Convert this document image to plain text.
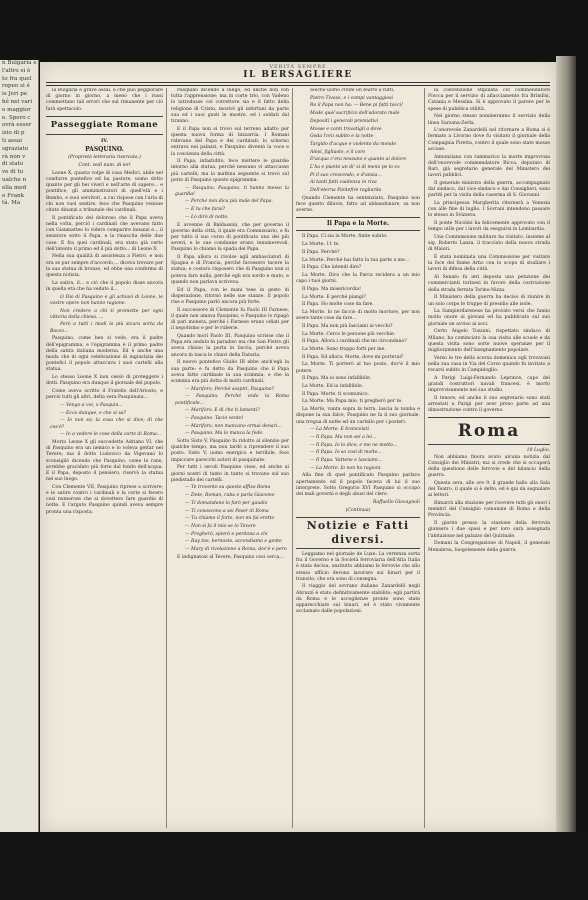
n Bulgaria e
l'altro si è
to fra quel
ropeo si é
is Jeri pe
hé nei vari
o maggior
e. Spero c
ovrà esser
izio di p
ti assai
sgraziato
rà non v
di stato
ve di tu
ualche n
ella med
o Frank
tà. Ma
VERITÀ SEMPRE
IL BERSAGLIERE

la Bulgaria è grave assai, e che può peggiorare di giorno in giorno, a meno che i russi commettano tali errori che sul rimanente per ciò farà spettacolo.

Passeggiate Romane
IV.
PASQUINO.
(Proprietà letteraria riservata.)
Cont. vedi num. di ieri

Leone X, quasta volpe di casa Medici, abile nel condurre pontefice ed ha pastore, uomo dotto quanto per gli bei viveri e nell'arte di sapere... e pontifice, gli amministratori di quell'età e i Bembo, e suoi servitori, a cui rispose con l'aria di chi non vuol sentire, fece che Pasquino venisse citato dinanzi a tribunale dei cardinali.

Il pontificato del doloroso che il Papa aveva nella volta, perciò i cardinali che avevano fatto con Gianmatteo lo videro comparire innanzi e... il senatore sotto il Papa, e la rinascita delle due cose. E fra quei cardinali, era stato già certo dell'intento il primo ed il più dotto... di Leone X.

Nella sua qualità di assistenza a Pietro, e non era se pur sempre d'accordo,... diceva trovare per la sua statua di bronzo, ed ebbe una conferma di questa notizia.

La satira, il... e ciò che il popolo disse ancora in quella età che ha veduto il...

O Dio di Pasquino e gli schiavi di Leone, le vostre opere non hanno ragione.

Non credere a chi ti promette per ogni vittoria della chiesa, ...

Però a tutti i modi la più sicura sorta da Bacco...

Pasquino, come ben si vede, era il padre dell'epigramma, e l'epigramma è il primo padre della satira italiana moderna. Ed è anche una moda che di ogni celebrazione di ingiustizia dei pontefici il popolo attaccava i suoi cartelli alla statua.

Lo stesso Leone X non cessò di proteggere i dotti. Pasquino era dunque il giornale del popolo.

Come aveva scritto il Fratello dell'Ariosto, e perciò tutti gli altri, della vera Pasquinata...

— Vengo a voi, o Pasquin...

— Ecco dunque, e che si sa?

— Io non so; la cosa che si dice; di che cos'è?

— Io a vedere le cose della corte di Roma...

Morto Leone X gli succedette Adriano VI, che di Pasquino era un nemico e lo voleva gettar nel Tevere; ma il dotto Ludovico da Vigevano lo sconsigliò dicendo che Pasquino, come le rane, avrebbe gracidato più forte dal fondo dell'acqua. E il Papa, deposto il pensiero, riservò la statua nel suo luogo.

Con Clemente VII, Pasquino riprese a scrivere; e le satire contro i cardinali e la corte si fecero così numerose che si dovettero fare guardie di notte. E l'arguto Pasquino quindi aveva sempre pronta una risposta.

Pasquino dicendo a lungo, ed anche non con tutta l'apprensione; ma in corte trio, con Vadeno lo introdusse col correttore sia e il fatto della religione di Cristo, mostrò gli infortuni da parte sua ed i suoi gusti le mostre, ed i soldati dal tiranno.

E il Papa non si trovò sul terreno adatto per questa nuova forma di bizzarria. I Romani ridevano del Papa e dei cardinali; lo scherno entrava nei palazzi, e Pasquino diventò la voce e la coscienza della città.

Il Papa, infastidito, fece mettere le guardie intorno alla statua, perché nessuno vi attaccasse più cartelli; ma la mattina seguente si trovò sul petto di Pasquino questo epigramma:

— Pasquino, Pasquino, ti hanno messo la guardia!

— Perché non dica più male del Papa.

— E tu che farai?

— Lo dirò di notte.

E avvenne di Baldassini, che per governo il governo della città, il quale era Commissario, e fu per tutto il suo corso di pontificato uno dei più severi, e le sue condanne erano innumerevoli. Pasquino lo chiamò la spada del Papa.

Il Papa allora si rivolse agli ambasciatori di Spagna e di Francia, perché facessero tacere la statua; e costoro risposero che di Pasquino non si poteva fare nulla, perché egli era sordo e muto, e quando non parlava scriveva.

Ed il Papa, con le mani tese in gesto di disperazione, ritornò nelle sue stanze. Il popolo rise e Pasquino parlò ancora più forte.

Il successore di Clemente fu Paolo III Farnese, il quale non amava Pasquino, e Pasquino lo ripagò di pari moneta, perché i Farnese erano odiati per il nepotismo e per le ruberie.

Quando morì Paolo III, Pasquino scrisse che il Papa era andato in paradiso ma che San Pietro gli aveva chiuso la porta in faccia, perché aveva ancora in tasca le chiavi della Dataria.

Il nuovo pontefice Giulio III ebbe anch'egli la sua parte: e fu detto da Pasquino che il Papa aveva fatto cardinale la sua scimmia, e che la scimmia era più dotta di molti cardinali.

— Mariforo, Perché sospiri, Pasquino?

— Pasquino. Perché vedo la Roma pontificale...

— Mariforo. E di che ti lamenti?

— Pasquino. Tacio vento!

— Mariforo, non mancano ormai denari...

— Pasquino. Ma lo manca la fede.

Sotto Sisto V, Pasquino fu ridotto al silenzio per qualche tempo, ma non tardò a riprendere il suo posto. Sisto V, uomo energico e terribile, fece impiccare parecchi autori di pasquinate.

Per tutti i secoli Pasquino visse, ed anche ai giorni nostri di tanto in tanto si trovano sul suo piedistallo dei cartelli.

— Te trovento su questo affiso Roma

— Dote, Roman, ruba e parla Giacomo

— Ti domandano lo farò per gaudio

— Ti conoscono a sei Peser di Roma

— Tu chiamo il forte, non mi fai eretto

— Non si fa il mio se lo Tevere

— Pregherò, spierò e perdona a chi

— Ray toe, bernoste, accendiamo e gente

— Mary di rivolazione a Roma, dov'è e pero

E indignatosi al Tevere, Pasquino cosi cerca...

Sieche uomo crede un teatro a tutti,

Pietro Tivoso, e i compi vantaggiosi

Ro il Papa non ha: — Bene pi fatti tocci!

Mode quel sacrificio dell'adorato male

Depositi i generali premiativi

Mosse e canti trovatigli a dove

Goda l'ora subito e la notte

Targido d'acque e violento da mondo

Ainsi, figliuolo, e il coro

D'acqua c'era nessuno e quanto ai dolore

L'ha e piante un di' si di meno pe lo ex

Pi il suo crescendo, e d'ansia...

Ai tanti fatti cuidenza in riva

Dell'eterna Pantefire ragliarda

Quando Clemente ha sentenziato, Pasquino non fece questo diluvio, fatto ad abbandonare, sa non averne.

Il Papa e la Morte.

Il Papa. Ci sia la Morte, finite subito.

La Morte. 11 te.

Il Papa. Perché?

La Morte. Perché hai fatto la tua parte a me...

Il Papa. Che intendi dire?

La Morte. Dico che la Parca recidera a un mio capo i tuoi giorni.

Il Papa. Ma misericordia!

La Morte. E perché piangi?

Il Papa. Ho molte cose da fare.

La Morte. Io ne faccio di molto mortore, per non avere tante cose da fare...

Il Papa. Ma non più lasciami ai vecchi?

La Morte. Cerco le persone più vecchie.

Il Papa. Allora i cardinali che mi circondano?

La Morte. Sono troppo forti per me.

Il Papa. Ed allora, Morte, dove mi porterai?

La Morte. Ti porterò al tuo posto, dov'è il mio potere.

Il Papa. Ma io sono infallibile.

La Morte. Ed io infallibile.

Il Papa. Morte, ti scomunico.

La Morte. Ma Papa mio, ti pregherò per te.

La Morte, vanta sopra la terra, lascia la tomba e dispone la sua falce, Pasquino ne fa il suo giornale, una tregua di notte ed un cartello per i posteri.

— La Morte. E brancolati

— Il Papa. Ma non sei a lei...

— Il Papa. Io lo dico, e me ne metto...

— Il Papa. Io so così di molte...

— Il Papa. Vattene e lasciami...

— La Morte. Io non ho ragioni.

Alla fine di quel pontificato Pasquino parlava apertamente ed il popolo faceva di lui il suo interprete. Sotto Gregorio XVI Pasquino si occupò dei mali governi e degli abusi del clero.

Raffaello Giovagnoli
(Continua)
Notizie e Fatti diversi.

Leggiamo nel giornale de Luxe: La vertenza sorta fra il Governo e la Società ferroviaria dell'Alta Italia è stata decisa; anzitutto abbiamo le ferrovie che allo stesso ufficio devono lavorare sui binari per il transito, che ora sono di consegna.

Il viaggio del sovrano italiano Zanardelli negli Abruzzi è stato definitivamente stabilito; egli partirà da Roma e le accoglienze pronte sono state apparecchiate sui binari, ed è stato vivamente acclamato dalle popolazioni.

la convenzione stipulata col commendatore Fiocca per il servizio di allacciamento fra Brindisi, Catania e Messina. Si è approvato il parere per le spese di pubblica utilità.

Nel giorno stesso nomineranno il servizio della linea Sarzana-Zerla.

L'onorevole Zanardelli nel ritornare a Roma si è fermato a Livorno dove fu visitato il giornale della Compagnia Piretta, contro il quale sono state mosse accuse.

Annunziano con rammarico la morte improvvisa dell'onorevole commendatore Ricca, deputato di Bari, già segretario generale del Ministero dei lavori pubblici.

Il generale ministro della guerra, accompagnato dal sindaco, dal vice-sindaco e dai Consiglieri, sono partiti per la visita della caserma di S. Giovanni.

La principessa Margherita ritornerà a Venezia con alle fine di luglio. I Sovrani intendono passare lo stesso in Svizzera.

Il ponte Nicolini ha felicemente approvato con il tempo utile per i lavori da eseguirsi in Lombardia.

Una Commissione militare ha visitato, insieme al sig. Roberto Lanza, il tracciato della nuova strada di Maiori.

È stata nominata una Commissione per visitare la foce del fiume Arno con lo scopo di studiare i lavori di difesa della città.

Al Senato fu ieri deposta una petizione dei commercianti torinesi in favore della costruzione della strada ferrata Torino-Nizza.

Il Ministero della guerra ha deciso di riunire in un solo corpo le truppe di presidio alle isole.

La Sampierdarenese ha provato versi che fanno molto onore ai giovani ed ha pubblicato sul suo giornale un avviso ai soci.

Certo Angelo Tozzani, rispettato sindaco di Milano, ha cominciato la sua visita alle scuole e da questa visita sono sorte nuove speranze per il miglioramento dell'insegnamento popolare.

Verso le tre della scorsa domenica egli trovavasi nella sua casa in Via del Corso quando fu invitato a recarsi subito in Campidoglio.

A Parigi Luigi-Fernando Leprince, capo dei grandi costruttori navali francesi, è morto improvvisamente nel suo studio.

Il tenore, ed anche il suo segretario sono stati arrestati a Parigi per aver preso parte ad una dimostrazione contro il governo.

Roma
18 Luglio.

Non abbiamo finora avuto alcuna notizia dal Consiglio dei Ministri; ma si crede che si occuperà della questione delle ferrovie e del bilancio della guerra.

Questa sera, alle ore 9, il grande ballo alla Sala del Teatro, il quale si è detto, ed è qui da segnalare ai lettori.

Rimarrà alla stazione per ricevere tutti gli onori i membri del Consiglio comunale di Roma e della Provincia.

Il giorno presso la stazione della ferrovia giunsero i due sposi e per loro sarà assegnata l'abitazione nel palazzo del Quirinale.

Domani la Congregazione di Napoli, il generale Menabrea, luogotenente della guerra.
